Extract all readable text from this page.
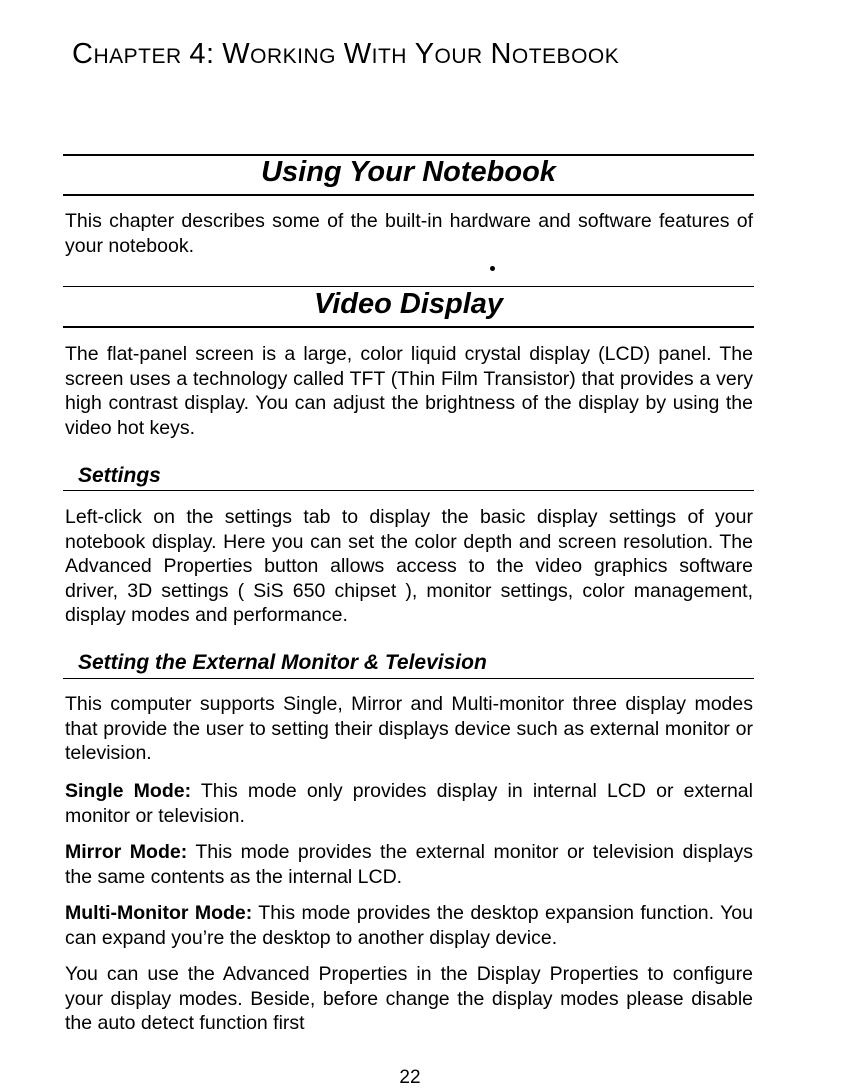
CHAPTER 4: WORKING WITH YOUR NOTEBOOK
Using Your Notebook

This chapter describes some of the built-in hardware and software features of your notebook.

Video Display

The flat-panel screen is a large, color liquid crystal display (LCD) panel. The screen uses a technology called TFT (Thin Film Transistor) that provides a very high contrast display. You can adjust the brightness of the display by using the video hot keys.

Settings

Left-click on the settings tab to display the basic display settings of your notebook display. Here you can set the color depth and screen resolution. The Advanced Properties button allows access to the video graphics software driver, 3D settings ( SiS 650 chipset ), monitor settings, color management, display modes and performance.

Setting the External Monitor & Television

This computer supports Single, Mirror and Multi-monitor three display modes that provide the user to setting their displays device such as external monitor or television.

Single Mode: This mode only provides display in internal LCD or external monitor or television.

Mirror Mode: This mode provides the external monitor or television displays the same contents as the internal LCD.

Multi-Monitor Mode: This mode provides the desktop expansion function. You can expand you’re the desktop to another display device.

You can use the Advanced Properties in the Display Properties to configure your display modes. Beside, before change the display modes please disable the auto detect function first

22
